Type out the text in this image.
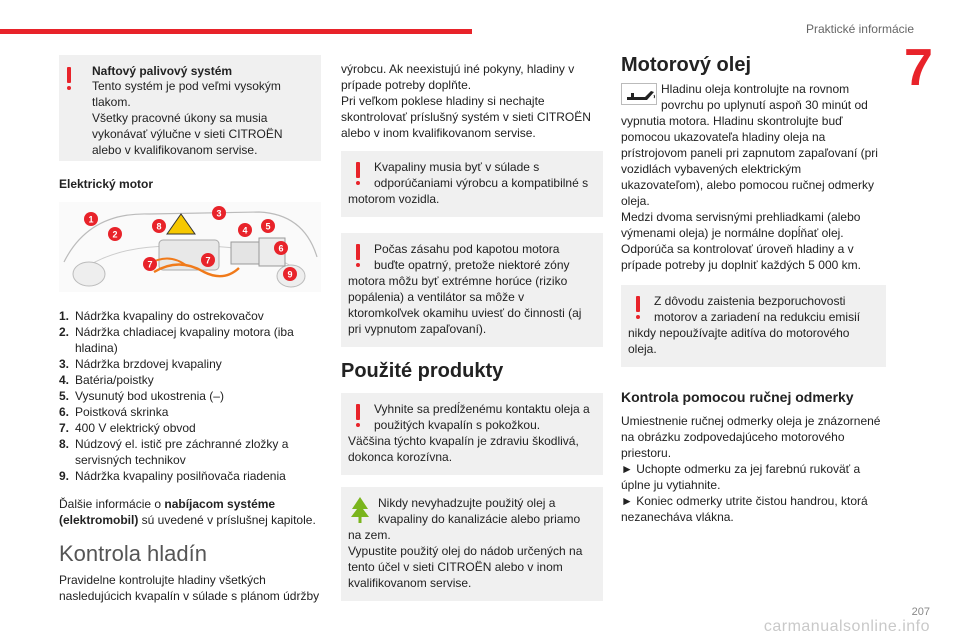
Praktické informácie
7

Naftový palivový systém

Tento systém je pod veľmi vysokým tlakom.
Všetky pracovné úkony sa musia vykonávať výlučne v sieti CITROËN alebo v kvalifikovanom servise.

Elektrický motor

1
2
8
3
4 5
6
7	7
9
1. Nádržka kvapaliny do ostrekovačov
2. Nádržka chladiacej kvapaliny motora (iba hladina)
3. Nádržka brzdovej kvapaliny
4. Batéria/poistky
5. Vysunutý bod ukostrenia (–)
6. Poistková skrinka
7. 400 V elektrický obvod
8. Núdzový el. istič pre záchranné zložky a servisných technikov
9. Nádržka kvapaliny posilňovača riadenia

Ďalšie informácie o nabíjacom systéme (elektromobil) sú uvedené v príslušnej kapitole.

Kontrola hladín

Pravidelne kontrolujte hladiny všetkých nasledujúcich kvapalín v súlade s plánom údržby

výrobcu. Ak neexistujú iné pokyny, hladiny v prípade potreby doplňte.
Pri veľkom poklese hladiny si nechajte skontrolovať príslušný systém v sieti CITROËN alebo v inom kvalifikovanom servise.

Kvapaliny musia byť v súlade s odporúčaniami výrobcu a kompatibilné s motorom vozidla.

Počas zásahu pod kapotou motora buďte opatrný, pretože niektoré zóny motora môžu byť extrémne horúce (riziko popálenia) a ventilátor sa môže v ktoromkoľvek okamihu uviesť do činnosti (aj pri vypnutom zapaľovaní).

Použité produkty

Vyhnite sa predĺženému kontaktu oleja a použitých kvapalín s pokožkou.
Väčšina týchto kvapalín je zdraviu škodlivá, dokonca korozívna.

Nikdy nevyhadzujte použitý olej a kvapaliny do kanalizácie alebo priamo na zem.
Vypustite použitý olej do nádob určených na tento účel v sieti CITROËN alebo v inom kvalifikovanom servise.

Motorový olej

Hladinu oleja kontrolujte na rovnom povrchu po uplynutí aspoň 30 minút od vypnutia motora. Hladinu skontrolujte buď pomocou ukazovateľa hladiny oleja na prístrojovom paneli pri zapnutom zapaľovaní (pri vozidlách vybavených elektrickým ukazovateľom), alebo pomocou ručnej odmerky oleja.
Medzi dvoma servisnými prehliadkami (alebo výmenami oleja) je normálne dopĺňať olej. Odporúča sa kontrolovať úroveň hladiny a v prípade potreby ju doplniť každých 5 000 km.

Z dôvodu zaistenia bezporuchovosti motorov a zariadení na redukciu emisií nikdy nepoužívajte aditíva do motorového oleja.

Kontrola pomocou ručnej odmerky

Umiestnenie ručnej odmerky oleja je znázornené na obrázku zodpovedajúceho motorového priestoru.
► Uchopte odmerku za jej farebnú rukoväť a úplne ju vytiahnite.
► Koniec odmerky utrite čistou handrou, ktorá nezanecháva vlákna.

207
carmanualsonline.info
